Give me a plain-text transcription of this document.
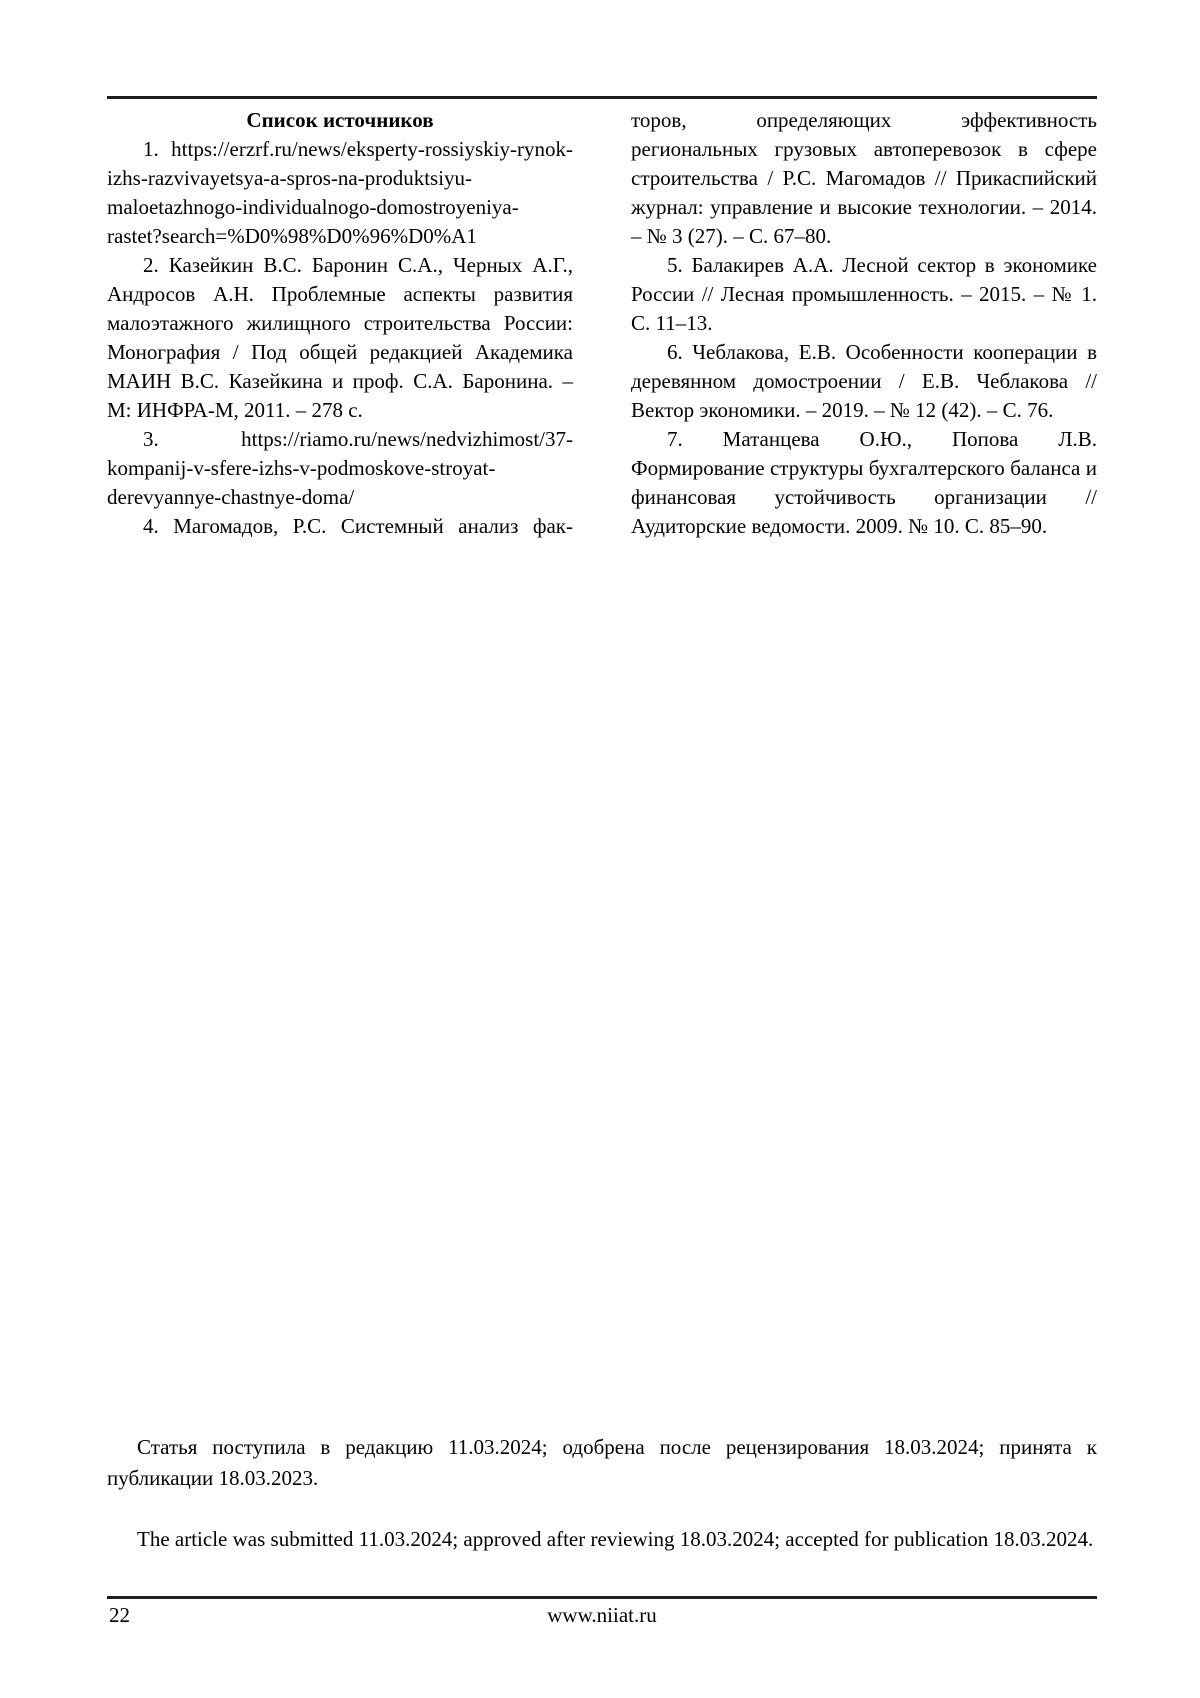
Список источников

1. https://erzrf.ru/news/eksperty-rossiyskiy-rynok-izhs-razvivayetsya-a-spros-na-produktsiyu-maloetazhnogo-individualnogo-domostroyeniya-rastet?search=%D0%98%D0%96%D0%A1

2. Казейкин В.С. Баронин С.А., Черных А.Г., Андросов А.Н. Проблемные аспекты развития малоэтажного жилищного строительства России: Монография / Под общей редакцией Академика МАИН В.С. Казейкина и проф. С.А. Баронина. – М: ИНФРА-М, 2011. – 278 с.

3. https://riamo.ru/news/nedvizhimost/37-kompanij-v-sfere-izhs-v-podmoskove-stroyat-derevyannye-chastnye-doma/

4. Магомадов, Р.С. Системный анализ фак-

торов, определяющих эффективность региональных грузовых автоперевозок в сфере строительства / Р.С. Магомадов // Прикаспийский журнал: управление и высокие технологии. – 2014. – № 3 (27). – С. 67–80.

5. Балакирев А.А. Лесной сектор в экономике России // Лесная промышленность. – 2015. – № 1. С. 11–13.

6. Чеблакова, Е.В. Особенности кооперации в деревянном домостроении / Е.В. Чеблакова // Вектор экономики. – 2019. – № 12 (42). – С. 76.

7. Матанцева О.Ю., Попова Л.В. Формирование структуры бухгалтерского баланса и финансовая устойчивость организации // Аудиторские ведомости. 2009. № 10. С. 85–90.

Статья поступила в редакцию 11.03.2024; одобрена после рецензирования 18.03.2024; принята к публикации 18.03.2023.

The article was submitted 11.03.2024; approved after reviewing 18.03.2024; accepted for publication 18.03.2024.

22	www.niiat.ru
